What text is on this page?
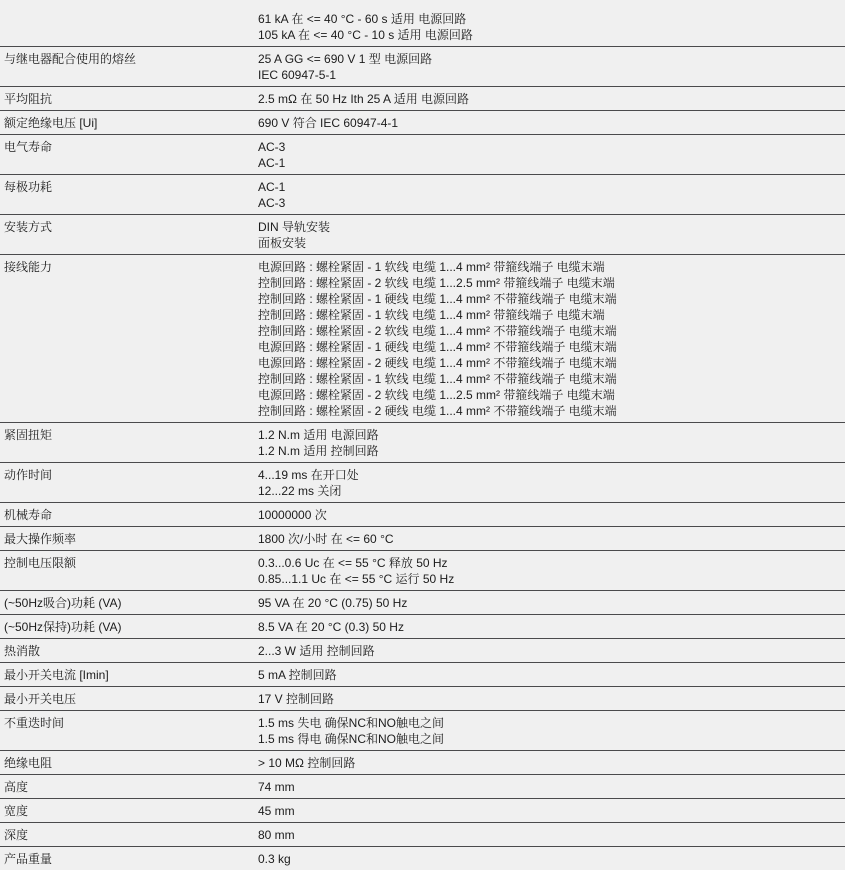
61 kA 在 <= 40 °C - 60 s 适用 电源回路
105 kA 在 <= 40 °C - 10 s 适用 电源回路
与继电器配合使用的熔丝	25 A GG <= 690 V 1 型 电源回路
IEC 60947-5-1
平均阻抗	2.5 mΩ 在 50 Hz Ith 25 A 适用 电源回路
额定绝缘电压 [Ui]	690 V 符合 IEC 60947-4-1
电气寿命	AC-3
AC-1
每极功耗	AC-1
AC-3
安装方式	DIN 导轨安装
面板安装
接线能力	电源回路 : 螺栓紧固 - 1 软线 电缆 1...4 mm² 带箍线端子 电缆末端
控制回路 : 螺栓紧固 - 2 软线 电缆 1...2.5 mm² 带箍线端子 电缆末端
控制回路 : 螺栓紧固 - 1 硬线 电缆 1...4 mm² 不带箍线端子 电缆末端
控制回路 : 螺栓紧固 - 1 软线 电缆 1...4 mm² 带箍线端子 电缆末端
控制回路 : 螺栓紧固 - 2 软线 电缆 1...4 mm² 不带箍线端子 电缆末端
电源回路 : 螺栓紧固 - 1 硬线 电缆 1...4 mm² 不带箍线端子 电缆末端
电源回路 : 螺栓紧固 - 2 硬线 电缆 1...4 mm² 不带箍线端子 电缆末端
控制回路 : 螺栓紧固 - 1 软线 电缆 1...4 mm² 不带箍线端子 电缆末端
电源回路 : 螺栓紧固 - 2 软线 电缆 1...2.5 mm² 带箍线端子 电缆末端
控制回路 : 螺栓紧固 - 2 硬线 电缆 1...4 mm² 不带箍线端子 电缆末端
紧固扭矩	1.2 N.m 适用 电源回路
1.2 N.m 适用 控制回路
动作时间	4...19 ms 在开口处
12...22 ms 关闭
机械寿命	10000000 次
最大操作频率	1800 次/小时 在 <= 60 °C
控制电压限额	0.3...0.6 Uc 在 <= 55 °C 释放 50 Hz
0.85...1.1 Uc 在 <= 55 °C 运行 50 Hz
(~50Hz吸合)功耗 (VA)	95 VA 在 20 °C (0.75) 50 Hz
(~50Hz保持)功耗 (VA)	8.5 VA 在 20 °C (0.3) 50 Hz
热消散	2...3 W 适用 控制回路
最小开关电流 [Imin]	5 mA 控制回路
最小开关电压	17 V 控制回路
不重迭时间	1.5 ms 失电 确保NC和NO触电之间
1.5 ms 得电 确保NC和NO触电之间
绝缘电阻	> 10 MΩ 控制回路
高度	74 mm
宽度	45 mm
深度	80 mm
产品重量	0.3 kg
